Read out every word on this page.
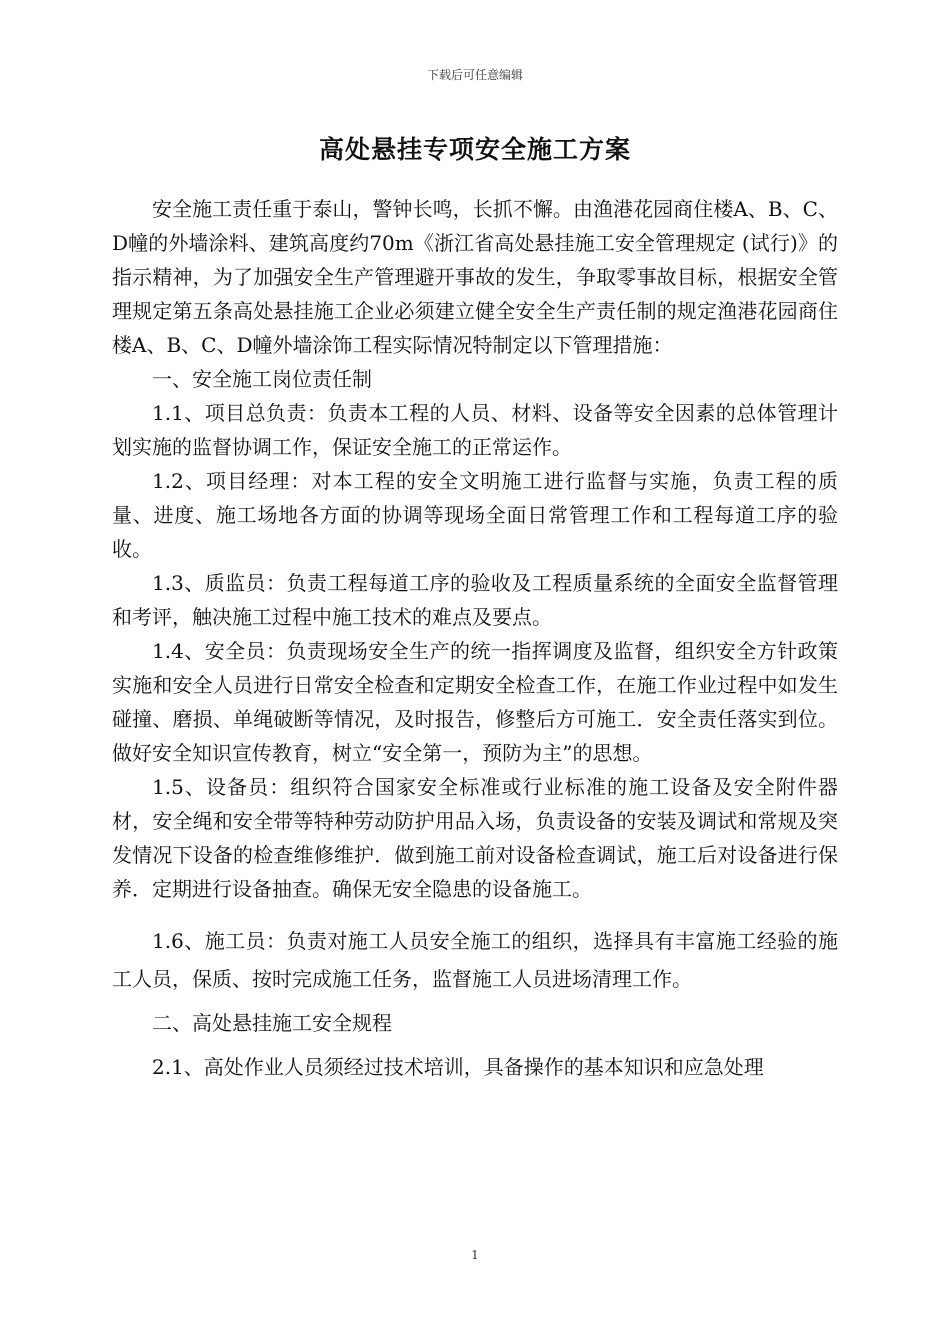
下载后可任意编辑
高处悬挂专项安全施工方案

安全施工责任重于泰山，警钟长鸣，长抓不懈。由渔港花园商住楼A、B、C、D幢的外墙涂料、建筑高度约70m《浙江省高处悬挂施工安全管理规定 (试行)》的指示精神，为了加强安全生产管理避开事故的发生，争取零事故目标，根据安全管理规定第五条高处悬挂施工企业必须建立健全安全生产责任制的规定渔港花园商住楼A、B、C、D幢外墙涂饰工程实际情况特制定以下管理措施：

一、安全施工岗位责任制

1.1、项目总负责：负责本工程的人员、材料、设备等安全因素的总体管理计划实施的监督协调工作，保证安全施工的正常运作。

1.2、项目经理：对本工程的安全文明施工进行监督与实施，负责工程的质量、进度、施工场地各方面的协调等现场全面日常管理工作和工程每道工序的验收。

1.3、质监员：负责工程每道工序的验收及工程质量系统的全面安全监督管理和考评，触决施工过程中施工技术的难点及要点。

1.4、安全员：负责现场安全生产的统一指挥调度及监督，组织安全方针政策实施和安全人员进行日常安全检查和定期安全检查工作，在施工作业过程中如发生碰撞、磨损、单绳破断等情况，及时报告，修整后方可施工．安全责任落实到位。做好安全知识宣传教育，树立“安全第一，预防为主”的思想。

1.5、设备员：组织符合国家安全标准或行业标准的施工设备及安全附件器材，安全绳和安全带等特种劳动防护用品入场，负责设备的安装及调试和常规及突发情况下设备的检查维修维护．做到施工前对设备检查调试，施工后对设备进行保养．定期进行设备抽查。确保无安全隐患的设备施工。

1.6、施工员：负责对施工人员安全施工的组织，选择具有丰富施工经验的施工人员，保质、按时完成施工任务，监督施工人员进场清理工作。

二、高处悬挂施工安全规程

2.1、高处作业人员须经过技术培训，具备操作的基本知识和应急处理

1
